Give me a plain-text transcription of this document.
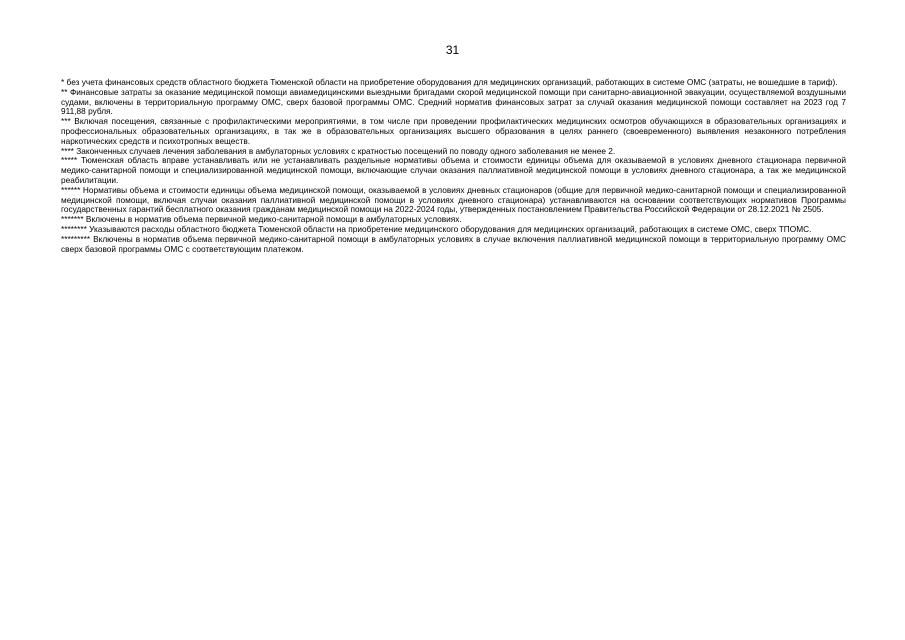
31

* без учета финансовых средств областного бюджета Тюменской области на приобретение оборудования для медицинских организаций, работающих в системе ОМС (затраты, не вошедшие в тариф).

** Финансовые затраты за оказание медицинской помощи авиамедицинскими выездными бригадами скорой медицинской помощи при санитарно-авиационной эвакуации, осуществляемой воздушными судами, включены в территориальную программу ОМС, сверх базовой программы ОМС. Средний норматив финансовых затрат за случай оказания медицинской помощи составляет на 2023 год 7 911,88 рубля.

*** Включая посещения, связанные с профилактическими мероприятиями, в том числе при проведении профилактических медицинских осмотров обучающихся в образовательных организациях и профессиональных образовательных организациях, в так же в образовательных организациях высшего образования в целях раннего (своевременного) выявления незаконного потребления наркотических средств и психотропных веществ.

**** Законченных случаев лечения заболевания в амбулаторных условиях с кратностью посещений по поводу одного заболевания не менее 2.

***** Тюменская область вправе устанавливать или не устанавливать раздельные нормативы объема и стоимости единицы объема для оказываемой в условиях дневного стационара первичной медико-санитарной помощи и специализированной медицинской помощи, включающие случаи оказания паллиативной медицинской помощи в условиях дневного стационара, а так же медицинской реабилитации.

****** Нормативы объема и стоимости единицы объема медицинской помощи, оказываемой в условиях дневных стационаров (общие для первичной медико-санитарной помощи и специализированной медицинской помощи, включая случаи оказания паллиативной медицинской помощи в условиях дневного стационара) устанавливаются на основании соответствующих нормативов Программы государственных гарантий бесплатного оказания гражданам медицинской помощи на 2022-2024 годы, утвержденных постановлением Правительства Российской Федерации от 28.12.2021 № 2505.

******* Включены в норматив объема первичной медико-санитарной помощи в амбулаторных условиях.

******** Указываются расходы областного бюджета Тюменской области на приобретение медицинского оборудования для медицинских организаций, работающих в системе ОМС, сверх ТПОМС.

********* Включены в норматив объема первичной медико-санитарной помощи в амбулаторных условиях в случае включения паллиативной медицинской помощи в территориальную программу ОМС сверх базовой программы ОМС с соответствующим платежом.
